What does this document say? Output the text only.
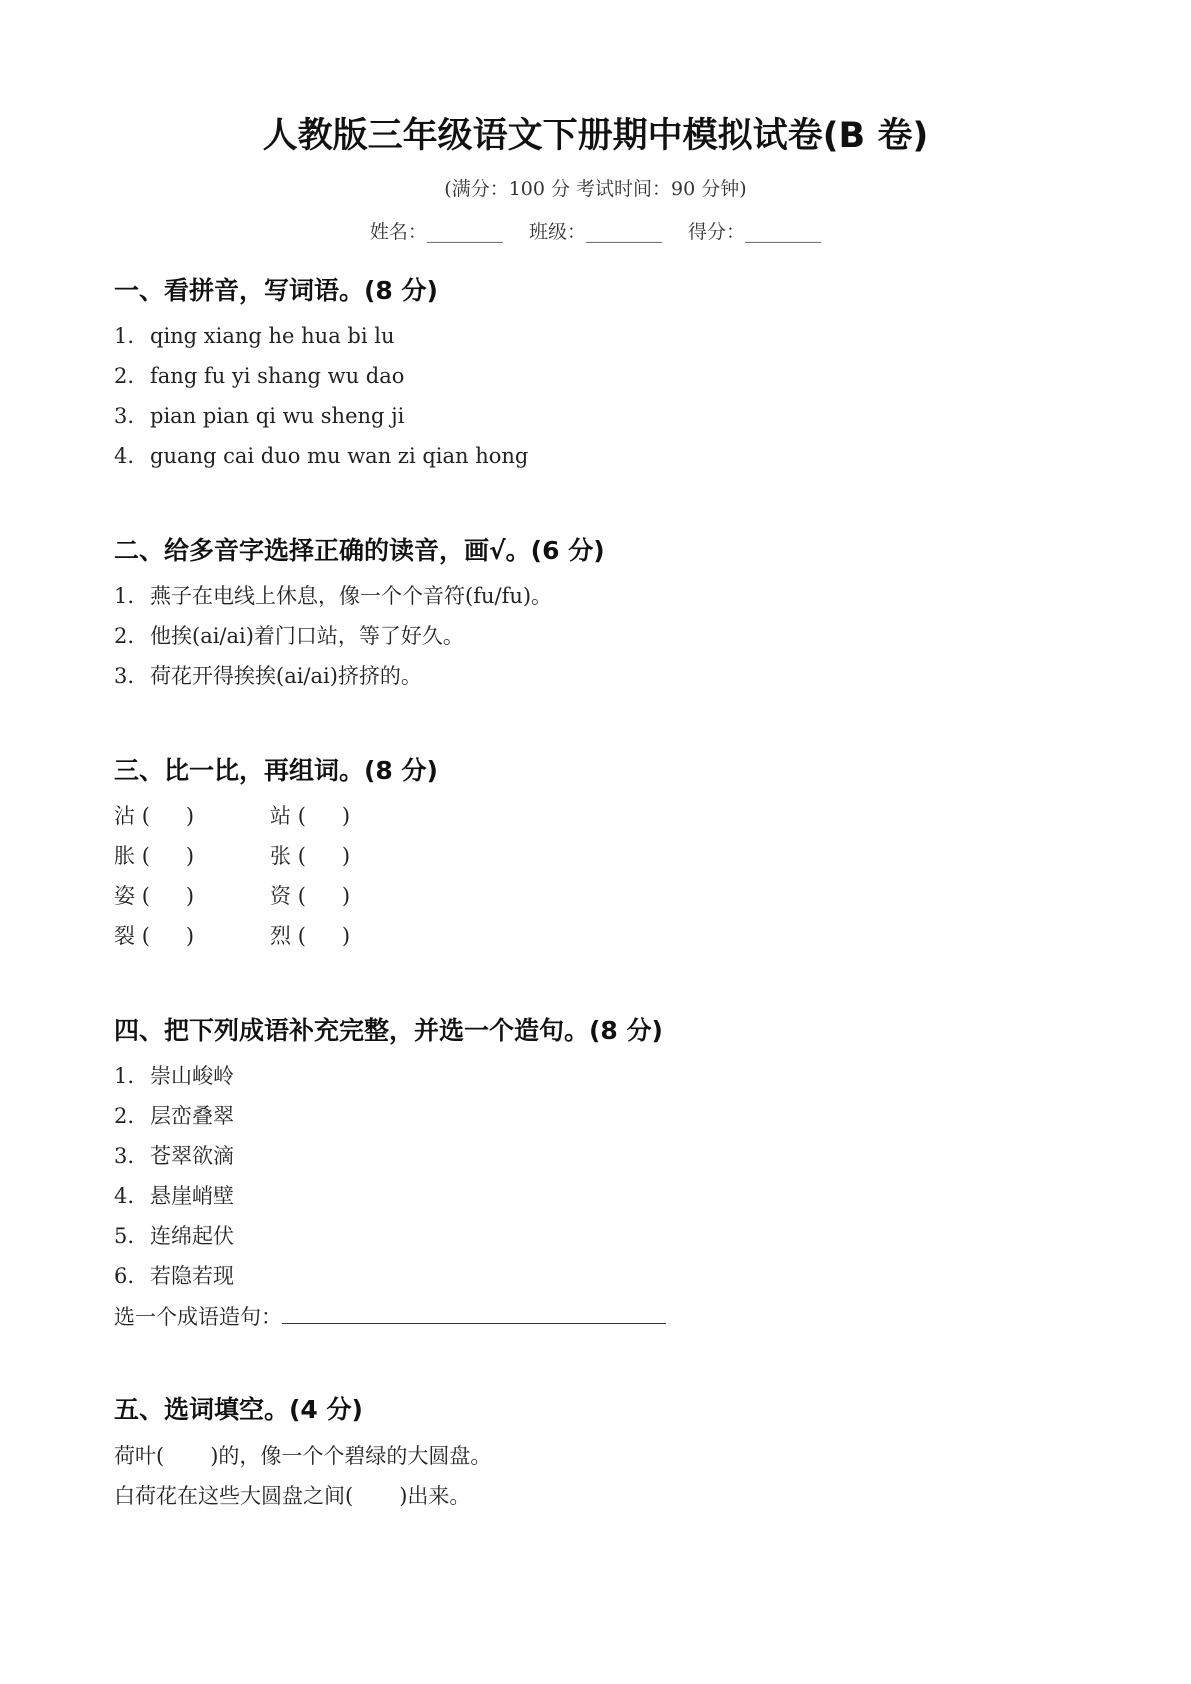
人教版三年级语文下册期中模拟试卷(B 卷)
(满分：100 分 考试时间：90 分钟)
姓名：________ 班级：________ 得分：________
一、看拼音，写词语。(8 分)
1. qing xiang he hua bi lu
2. fang fu yi shang wu dao
3. pian pian qi wu sheng ji
4. guang cai duo mu wan zi qian hong
二、给多音字选择正确的读音，画√。(6 分)
1. 燕子在电线上休息，像一个个音符(fu/fu)。
2. 他挨(ai/ai)着门口站，等了好久。
3. 荷花开得挨挨(ai/ai)挤挤的。
三、比一比，再组词。(8 分)
沾 ( )	站 ( )
胀 ( )	张 ( )
姿 ( )	资 ( )
裂 ( )	烈 ( )
四、把下列成语补充完整，并选一个造句。(8 分)
1. 崇山峻岭
2. 层峦叠翠
3. 苍翠欲滴
4. 悬崖峭壁
5. 连绵起伏
6. 若隐若现
选一个成语造句：
五、选词填空。(4 分)
荷叶( )的，像一个个碧绿的大圆盘。
白荷花在这些大圆盘之间( )出来。
